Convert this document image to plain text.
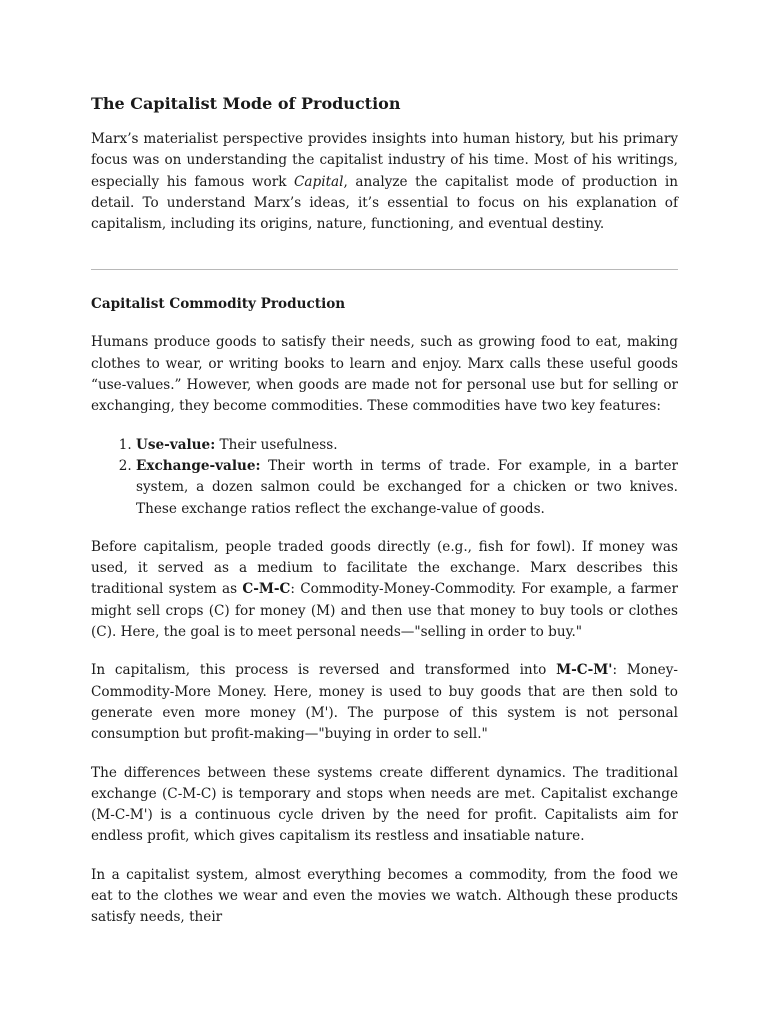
The Capitalist Mode of Production

Marx’s materialist perspective provides insights into human history, but his primary focus was on understanding the capitalist industry of his time. Most of his writings, especially his famous work Capital, analyze the capitalist mode of production in detail. To understand Marx’s ideas, it’s essential to focus on his explanation of capitalism, including its origins, nature, functioning, and eventual destiny.

Capitalist Commodity Production

Humans produce goods to satisfy their needs, such as growing food to eat, making clothes to wear, or writing books to learn and enjoy. Marx calls these useful goods “use-values.” However, when goods are made not for personal use but for selling or exchanging, they become commodities. These commodities have two key features:

1. Use-value: Their usefulness.
2. Exchange-value: Their worth in terms of trade. For example, in a barter system, a dozen salmon could be exchanged for a chicken or two knives. These exchange ratios reflect the exchange-value of goods.

Before capitalism, people traded goods directly (e.g., fish for fowl). If money was used, it served as a medium to facilitate the exchange. Marx describes this traditional system as C-M-C: Commodity-Money-Commodity. For example, a farmer might sell crops (C) for money (M) and then use that money to buy tools or clothes (C). Here, the goal is to meet personal needs—"selling in order to buy."

In capitalism, this process is reversed and transformed into M-C-M': Money-Commodity-More Money. Here, money is used to buy goods that are then sold to generate even more money (M'). The purpose of this system is not personal consumption but profit-making—"buying in order to sell."

The differences between these systems create different dynamics. The traditional exchange (C-M-C) is temporary and stops when needs are met. Capitalist exchange (M-C-M') is a continuous cycle driven by the need for profit. Capitalists aim for endless profit, which gives capitalism its restless and insatiable nature.

In a capitalist system, almost everything becomes a commodity, from the food we eat to the clothes we wear and even the movies we watch. Although these products satisfy needs, their
